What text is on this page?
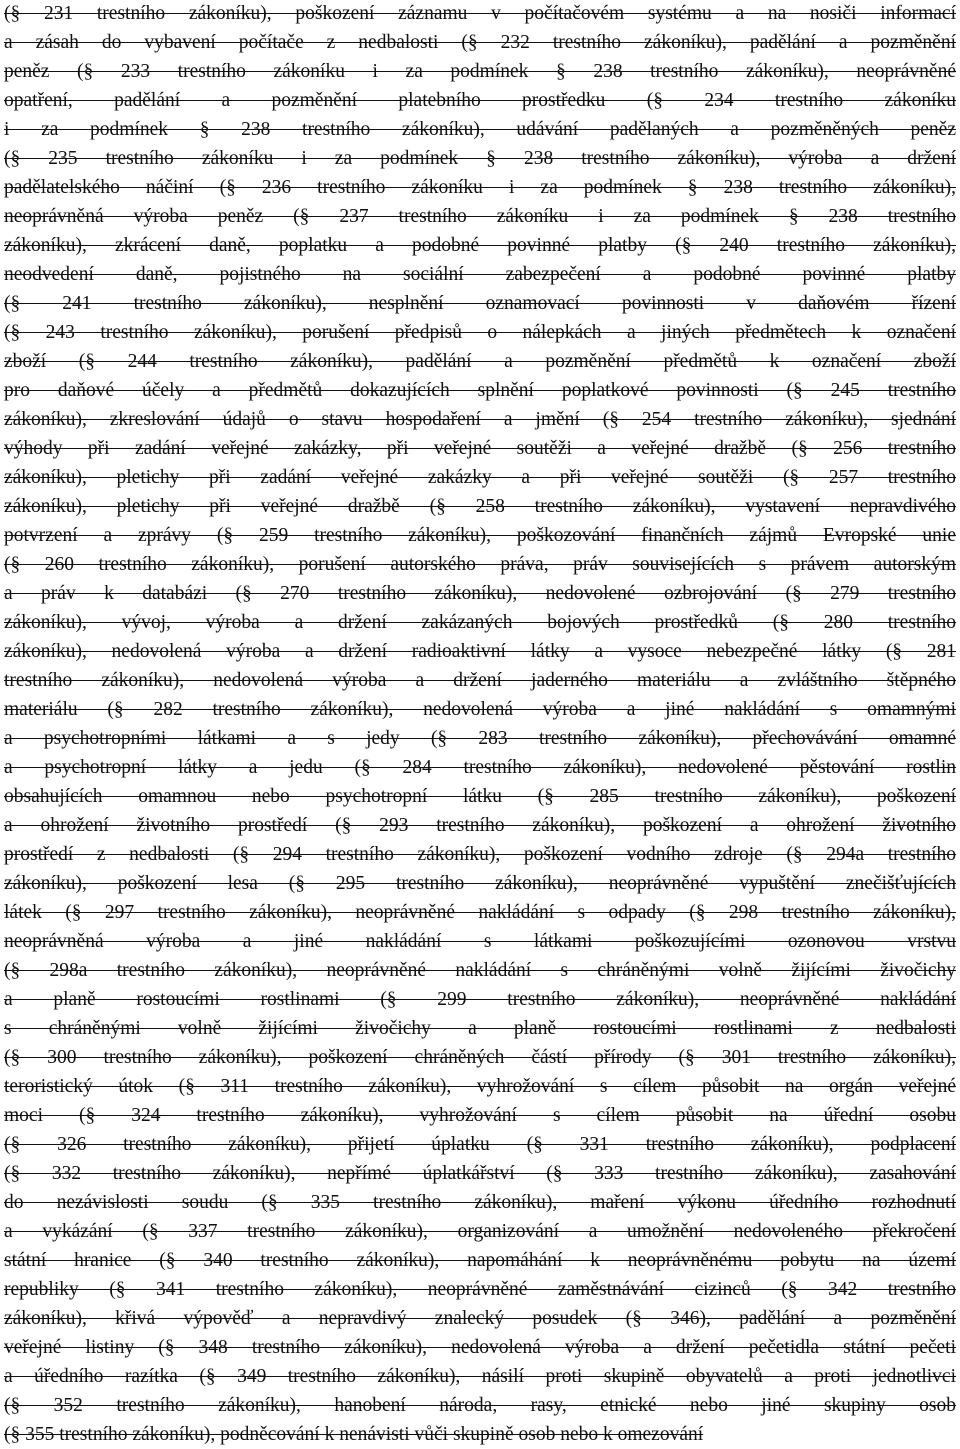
(§ 231 trestního zákoníku), poškození záznamu v počítačovém systému a na nosiči informací

a zásah do vybavení počítače z nedbalosti (§ 232 trestního zákoníku), padělání a pozměnění

peněz (§ 233 trestního zákoníku i za podmínek § 238 trestního zákoníku), neoprávněné

opatření, padělání a pozměnění platebního prostředku (§ 234 trestního zákoníku

i za podmínek § 238 trestního zákoníku), udávání padělaných a pozměněných peněz

(§ 235 trestního zákoníku i za podmínek § 238 trestního zákoníku), výroba a držení

padělatelského náčiní (§ 236 trestního zákoníku i za podmínek § 238 trestního zákoníku),

neoprávněná výroba peněz (§ 237 trestního zákoníku i za podmínek § 238 trestního

zákoníku), zkrácení daně, poplatku a podobné povinné platby (§ 240 trestního zákoníku),

neodvedení daně, pojistného na sociální zabezpečení a podobné povinné platby

(§ 241 trestního zákoníku), nesplnění oznamovací povinnosti v daňovém řízení

(§ 243 trestního zákoníku), porušení předpisů o nálepkách a jiných předmětech k označení

zboží (§ 244 trestního zákoníku), padělání a pozměnění předmětů k označení zboží

pro daňové účely a předmětů dokazujících splnění poplatkové povinnosti (§ 245 trestního

zákoníku), zkreslování údajů o stavu hospodaření a jmění (§ 254 trestního zákoníku), sjednání

výhody při zadání veřejné zakázky, při veřejné soutěži a veřejné dražbě (§ 256 trestního

zákoníku), pletichy při zadání veřejné zakázky a při veřejné soutěži (§ 257 trestního

zákoníku), pletichy při veřejné dražbě (§ 258 trestního zákoníku), vystavení nepravdivého

potvrzení a zprávy (§ 259 trestního zákoníku), poškozování finančních zájmů Evropské unie

(§ 260 trestního zákoníku), porušení autorského práva, práv souvisejících s právem autorským

a práv k databázi (§ 270 trestního zákoníku), nedovolené ozbrojování (§ 279 trestního

zákoníku), vývoj, výroba a držení zakázaných bojových prostředků (§ 280 trestního

zákoníku), nedovolená výroba a držení radioaktivní látky a vysoce nebezpečné látky (§ 281

trestního zákoníku), nedovolená výroba a držení jaderného materiálu a zvláštního štěpného

materiálu (§ 282 trestního zákoníku), nedovolená výroba a jiné nakládání s omamnými

a psychotropními látkami a s jedy (§ 283 trestního zákoníku), přechovávání omamné

a psychotropní látky a jedu (§ 284 trestního zákoníku), nedovolené pěstování rostlin

obsahujících omamnou nebo psychotropní látku (§ 285 trestního zákoníku), poškození

a ohrožení životního prostředí (§ 293 trestního zákoníku), poškození a ohrožení životního

prostředí z nedbalosti (§ 294 trestního zákoníku), poškození vodního zdroje (§ 294a trestního

zákoníku), poškození lesa (§ 295 trestního zákoníku), neoprávněné vypuštění znečišťujících

látek (§ 297 trestního zákoníku), neoprávněné nakládání s odpady (§ 298 trestního zákoníku),

neoprávněná výroba a jiné nakládání s látkami poškozujícími ozonovou vrstvu

(§ 298a trestního zákoníku), neoprávněné nakládání s chráněnými volně žijícími živočichy

a planě rostoucími rostlinami (§ 299 trestního zákoníku), neoprávněné nakládání

s chráněnými volně žijícími živočichy a planě rostoucími rostlinami z nedbalosti

(§ 300 trestního zákoníku), poškození chráněných částí přírody (§ 301 trestního zákoníku),

teroristický útok (§ 311 trestního zákoníku), vyhrožování s cílem působit na orgán veřejné

moci (§ 324 trestního zákoníku), vyhrožování s cílem působit na úřední osobu

(§ 326 trestního zákoníku), přijetí úplatku (§ 331 trestního zákoníku), podplacení

(§ 332 trestního zákoníku), nepřímé úplatkářství (§ 333 trestního zákoníku), zasahování

do nezávislosti soudu (§ 335 trestního zákoníku), maření výkonu úředního rozhodnutí

a vykázání (§ 337 trestního zákoníku), organizování a umožnění nedovoleného překročení

státní hranice (§ 340 trestního zákoníku), napomáhání k neoprávněnému pobytu na území

republiky (§ 341 trestního zákoníku), neoprávněné zaměstnávání cizinců (§ 342 trestního

zákoníku), křivá výpověď a nepravdivý znalecký posudek (§ 346), padělání a pozměnění

veřejné listiny (§ 348 trestního zákoníku), nedovolená výroba a držení pečetidla státní pečeti

a úředního razítka (§ 349 trestního zákoníku), násilí proti skupině obyvatelů a proti jednotlivci

(§ 352 trestního zákoníku), hanobení národa, rasy, etnické nebo jiné skupiny osob

(§ 355 trestního zákoníku), podněcování k nenávisti vůči skupině osob nebo k omezování
